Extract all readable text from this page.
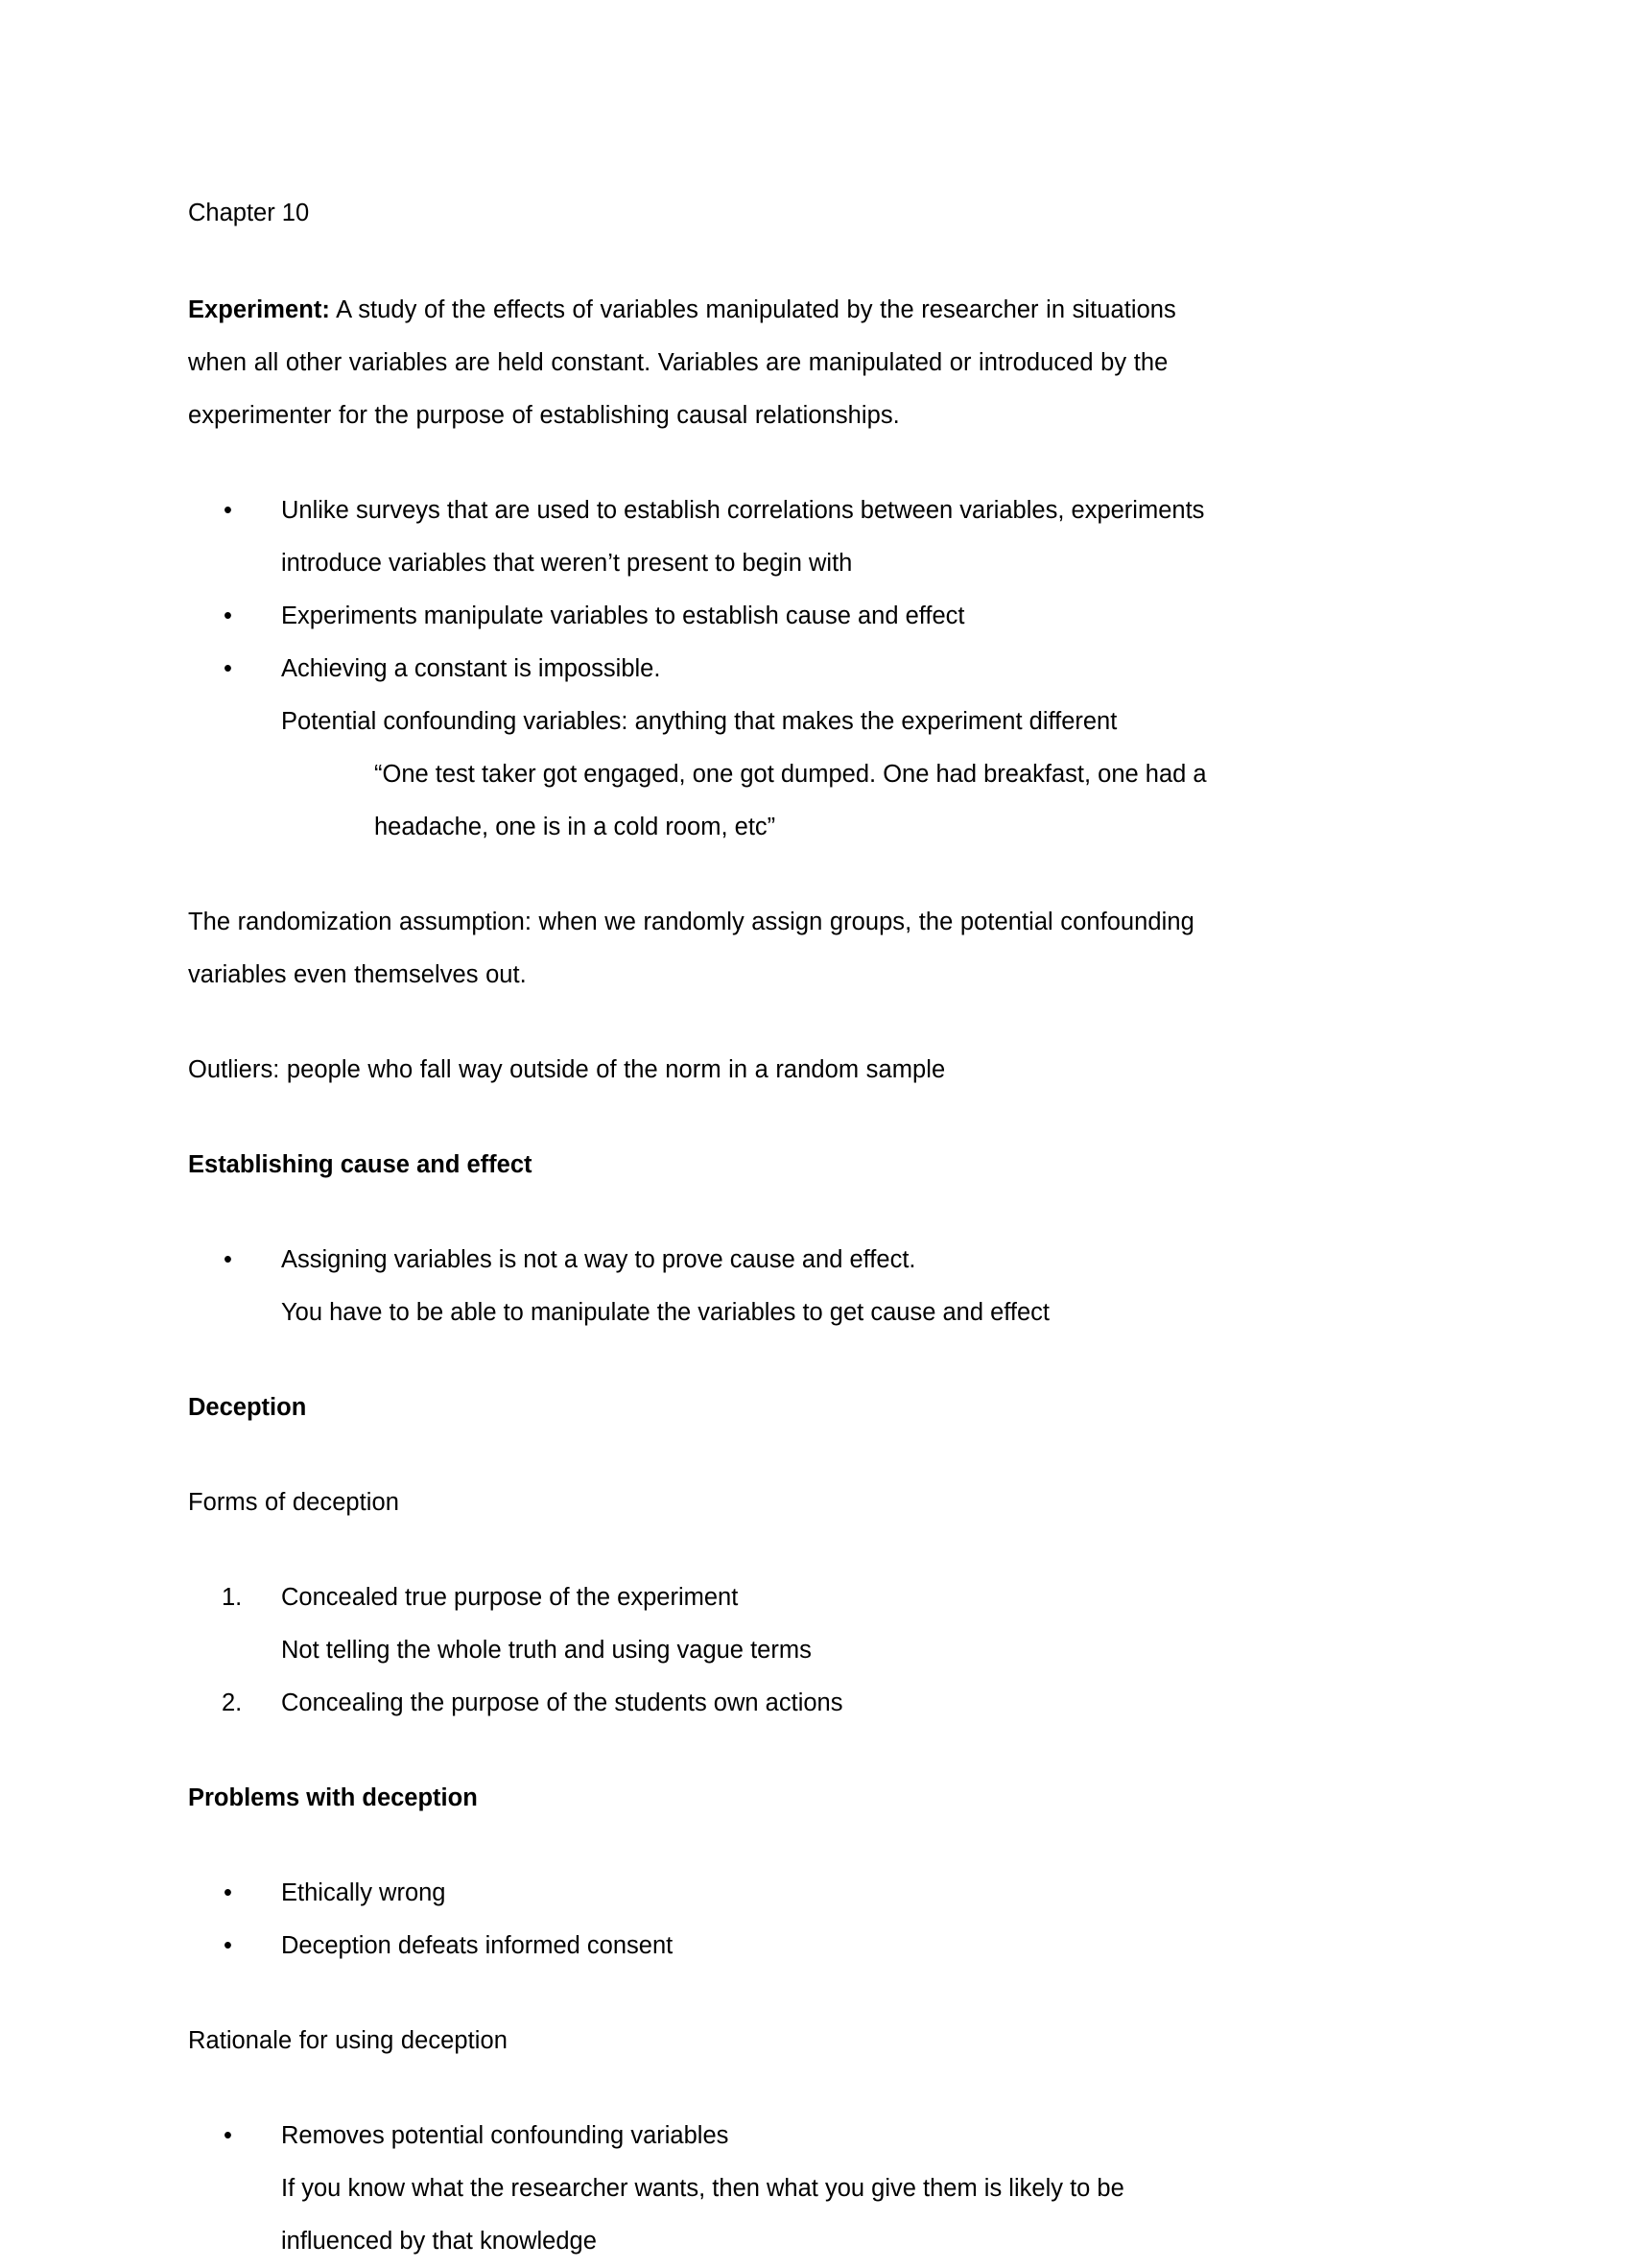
Chapter 10

Experiment: A study of the effects of variables manipulated by the researcher in situations when all other variables are held constant. Variables are manipulated or introduced by the experimenter for the purpose of establishing causal relationships.

• Unlike surveys that are used to establish correlations between variables, experiments introduce variables that weren’t present to begin with
• Experiments manipulate variables to establish cause and effect
• Achieving a constant is impossible.
Potential confounding variables: anything that makes the experiment different
“One test taker got engaged, one got dumped. One had breakfast, one had a headache, one is in a cold room, etc”

The randomization assumption: when we randomly assign groups, the potential confounding variables even themselves out.

Outliers: people who fall way outside of the norm in a random sample

Establishing cause and effect

• Assigning variables is not a way to prove cause and effect.
You have to be able to manipulate the variables to get cause and effect

Deception

Forms of deception

1. Concealed true purpose of the experiment
Not telling the whole truth and using vague terms
2. Concealing the purpose of the students own actions

Problems with deception

• Ethically wrong
• Deception defeats informed consent

Rationale for using deception

• Removes potential confounding variables
If you know what the researcher wants, then what you give them is likely to be influenced by that knowledge
